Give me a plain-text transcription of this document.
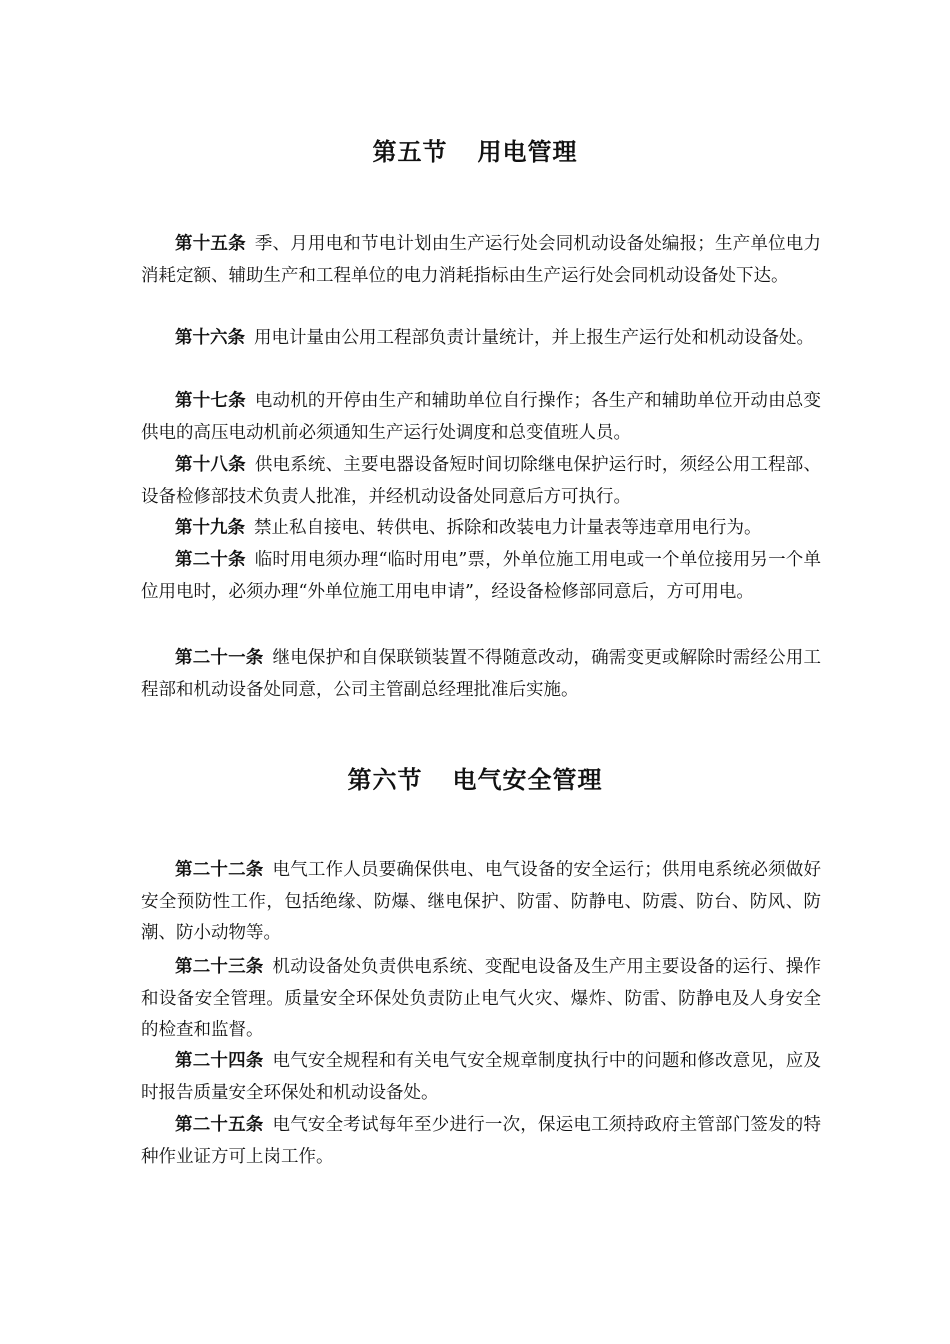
第五节 用电管理

第十五条 季、月用电和节电计划由生产运行处会同机动设备处编报；生产单位电力消耗定额、辅助生产和工程单位的电力消耗指标由生产运行处会同机动设备处下达。

第十六条 用电计量由公用工程部负责计量统计，并上报生产运行处和机动设备处。

第十七条 电动机的开停由生产和辅助单位自行操作；各生产和辅助单位开动由总变供电的高压电动机前必须通知生产运行处调度和总变值班人员。

第十八条 供电系统、主要电器设备短时间切除继电保护运行时，须经公用工程部、设备检修部技术负责人批准，并经机动设备处同意后方可执行。

第十九条 禁止私自接电、转供电、拆除和改装电力计量表等违章用电行为。

第二十条 临时用电须办理“临时用电”票，外单位施工用电或一个单位接用另一个单位用电时，必须办理“外单位施工用电申请”，经设备检修部同意后，方可用电。

第二十一条 继电保护和自保联锁装置不得随意改动，确需变更或解除时需经公用工程部和机动设备处同意，公司主管副总经理批准后实施。

第六节 电气安全管理

第二十二条 电气工作人员要确保供电、电气设备的安全运行；供用电系统必须做好安全预防性工作，包括绝缘、防爆、继电保护、防雷、防静电、防震、防台、防风、防潮、防小动物等。

第二十三条 机动设备处负责供电系统、变配电设备及生产用主要设备的运行、操作和设备安全管理。质量安全环保处负责防止电气火灾、爆炸、防雷、防静电及人身安全的检查和监督。

第二十四条 电气安全规程和有关电气安全规章制度执行中的问题和修改意见，应及时报告质量安全环保处和机动设备处。

第二十五条 电气安全考试每年至少进行一次，保运电工须持政府主管部门签发的特种作业证方可上岗工作。
